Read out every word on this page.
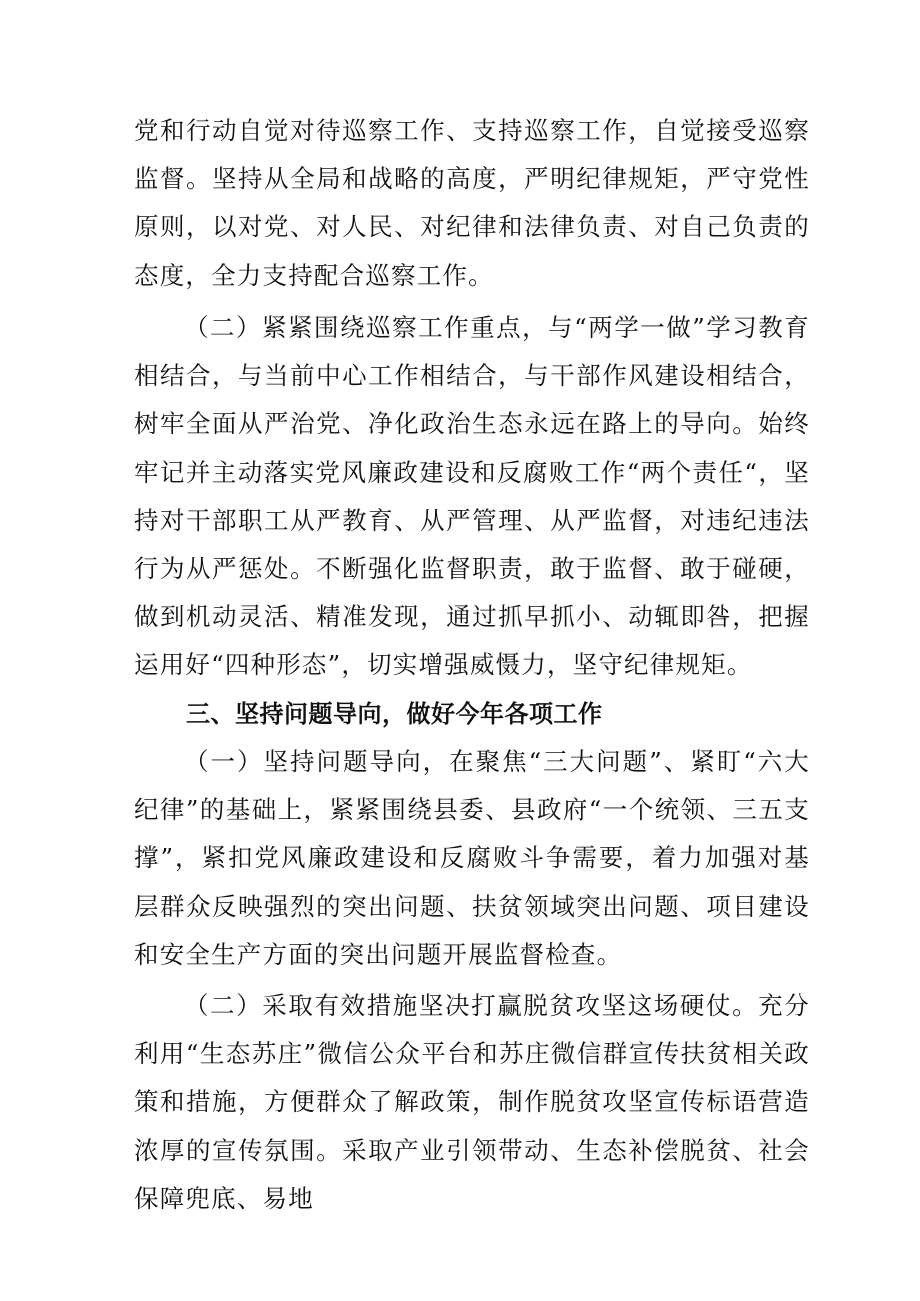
党和行动自觉对待巡察工作、支持巡察工作，自觉接受巡察监督。坚持从全局和战略的高度，严明纪律规矩，严守党性原则，以对党、对人民、对纪律和法律负责、对自己负责的态度，全力支持配合巡察工作。

（二）紧紧围绕巡察工作重点，与“两学一做”学习教育相结合，与当前中心工作相结合，与干部作风建设相结合，树牢全面从严治党、净化政治生态永远在路上的导向。始终牢记并主动落实党风廉政建设和反腐败工作“两个责任“，坚持对干部职工从严教育、从严管理、从严监督，对违纪违法行为从严惩处。不断强化监督职责，敢于监督、敢于碰硬，做到机动灵活、精准发现，通过抓早抓小、动辄即咎，把握运用好“四种形态”，切实增强威慑力，坚守纪律规矩。

三、坚持问题导向，做好今年各项工作

（一）坚持问题导向，在聚焦“三大问题”、紧盯“六大纪律”的基础上，紧紧围绕县委、县政府“一个统领、三五支撑”，紧扣党风廉政建设和反腐败斗争需要，着力加强对基层群众反映强烈的突出问题、扶贫领域突出问题、项目建设和安全生产方面的突出问题开展监督检查。

（二）采取有效措施坚决打赢脱贫攻坚这场硬仗。充分利用“生态苏庄”微信公众平台和苏庄微信群宣传扶贫相关政策和措施，方便群众了解政策，制作脱贫攻坚宣传标语营造浓厚的宣传氛围。采取产业引领带动、生态补偿脱贫、社会保障兜底、易地
